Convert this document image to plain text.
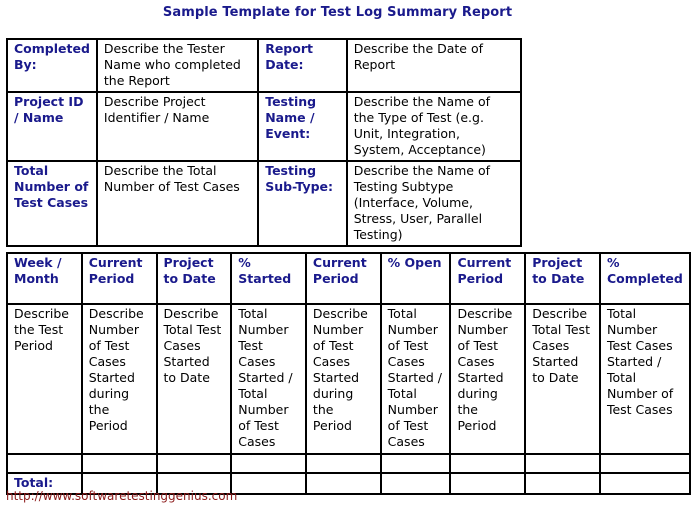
Sample Template for Test Log Summary Report
Completed By:	Describe the Tester Name who completed the Report	Report Date:	Describe the Date of Report
Project ID / Name	Describe Project Identifier / Name	Testing Name / Event:	Describe the Name of the Type of Test (e.g. Unit, Integration, System, Acceptance)
Total Number of Test Cases	Describe the Total Number of Test Cases	Testing Sub-Type:	Describe the Name of Testing Subtype (Interface, Volume, Stress, User, Parallel Testing)
Week / Month	Current Period	Project to Date	% Started	Current Period	% Open	Current Period	Project to Date	% Completed
Describe the Test Period	Describe Number of Test Cases Started during the Period	Describe Total Test Cases Started to Date	Total Number Test Cases Started / Total Number of Test Cases	Describe Number of Test Cases Started during the Period	Total Number of Test Cases Started / Total Number of Test Cases	Describe Number of Test Cases Started during the Period	Describe Total Test Cases Started to Date	Total Number Test Cases Started / Total Number of Test Cases

Total:								
http://www.softwaretestinggenius.com
